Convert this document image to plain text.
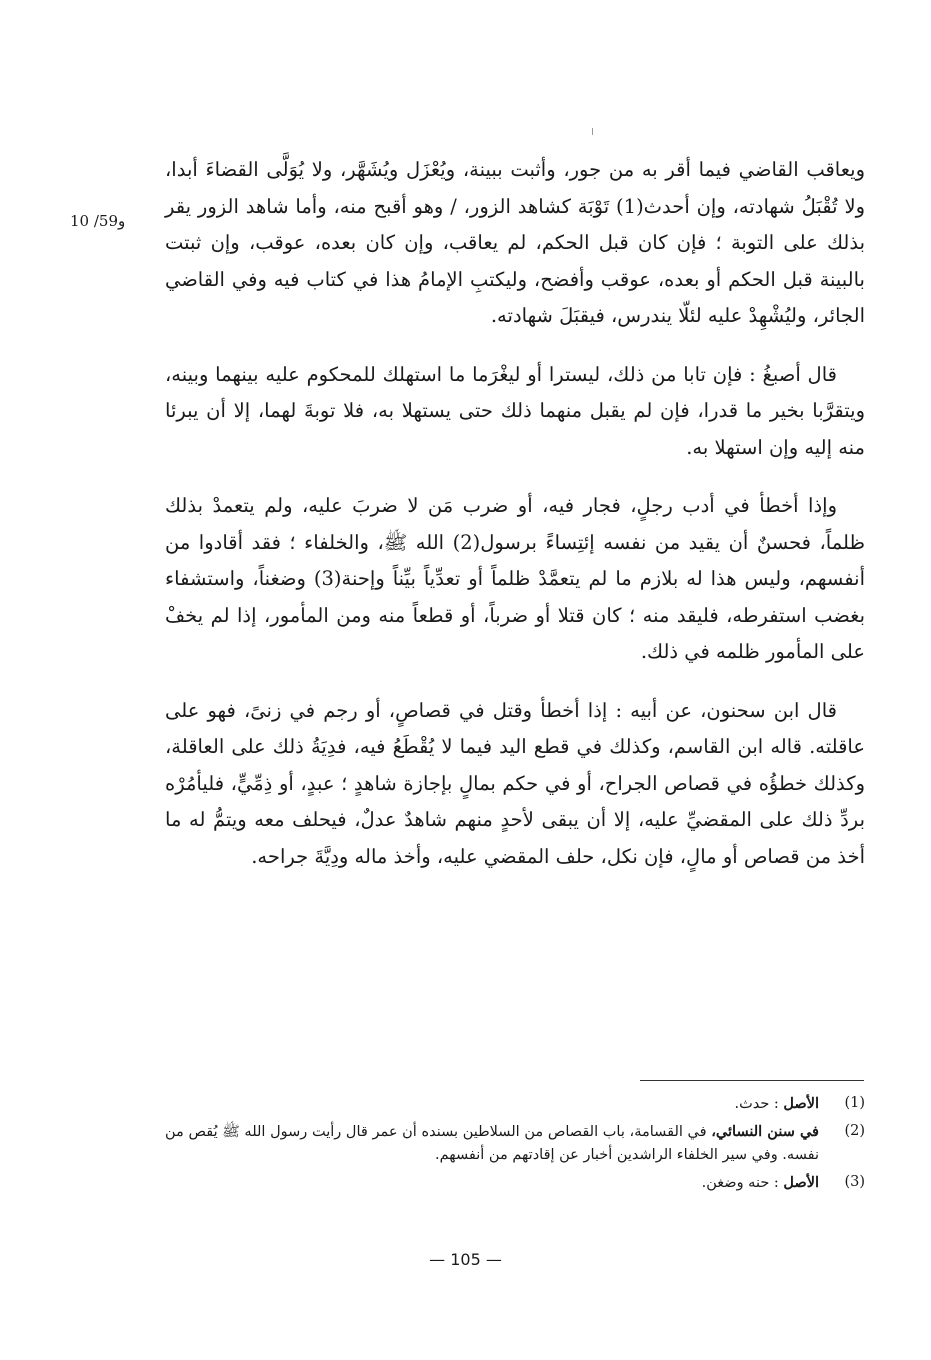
10 /59و

ويعاقب القاضي فيما أقر به من جور، وأثبت ببينة، ويُعْزَل ويُشَهَّر، ولا يُوَلَّى القضاءَ أبدا، ولا تُقْبَلُ شهادته، وإن أحدث(1) تَوْبَة كشاهد الزور، / وهو أقبح منه، وأما شاهد الزور يقر بذلك على التوبة ؛ فإن كان قبل الحكم، لم يعاقب، وإن كان بعده، عوقب، وإن ثبتت بالبينة قبل الحكم أو بعده، عوقب وأفضح، وليكتبِ الإمامُ هذا في كتاب فيه وفي القاضي الجائر، وليُشْهِدْ عليه لئلّا يندرس، فيقبَلَ شهادته.

قال أصبغُ : فإن تابا من ذلك، ليسترا أو ليغْرَما ما استهلك للمحكوم عليه بينهما وبينه، ويتقرَّبا بخير ما قدرا، فإن لم يقبل منهما ذلك حتى يستهلا به، فلا توبةَ لهما، إلا أن يبرئا منه إليه وإن استهلا به.

وإذا أخطأ في أدب رجلٍ، فجار فيه، أو ضرب مَن لا ضربَ عليه، ولم يتعمدْ بذلك ظلماً، فحسنٌ أن يقيد من نفسه إئتِساءً برسول(2) الله ﷺ، والخلفاء ؛ فقد أقادوا من أنفسهم، وليس هذا له بلازم ما لم يتعمَّدْ ظلماً أو تعدِّياً بيِّناً وإحنة(3) وضغناً، واستشفاء بغضب استفرطه، فليقد منه ؛ كان قتلا أو ضرباً، أو قطعاً منه ومن المأمور، إذا لم يخفْ على المأمور ظلمه في ذلك.

قال ابن سحنون، عن أبيه : إذا أخطأ وقتل في قصاصٍ، أو رجم في زنىً، فهو على عاقلته. قاله ابن القاسم، وكذلك في قطع اليد فيما لا يُقْطَعُ فيه، فدِيَةُ ذلك على العاقلة، وكذلك خطؤُه في قصاص الجراح، أو في حكم بمالٍ بإجازة شاهدٍ ؛ عبدٍ، أو ذِمِّيٍّ، فليأمُرْه بردِّ ذلك على المقضيِّ عليه، إلا أن يبقى لأحدٍ منهم شاهدٌ عدلٌ، فيحلف معه ويتمُّ له ما أخذ من قصاص أو مالٍ، فإن نكل، حلف المقضي عليه، وأخذ ماله ودِيَّةَ جراحه.

(1)
الأصل : حدث.
(2)
في سنن النسائي، في القسامة، باب القصاص من السلاطين بسنده أن عمر قال رأيت رسول الله ﷺ يُقص من نفسه. وفي سير الخلفاء الراشدين أخبار عن إقادتهم من أنفسهم.
(3)
الأصل : حنه وضغن.
— 105 —
